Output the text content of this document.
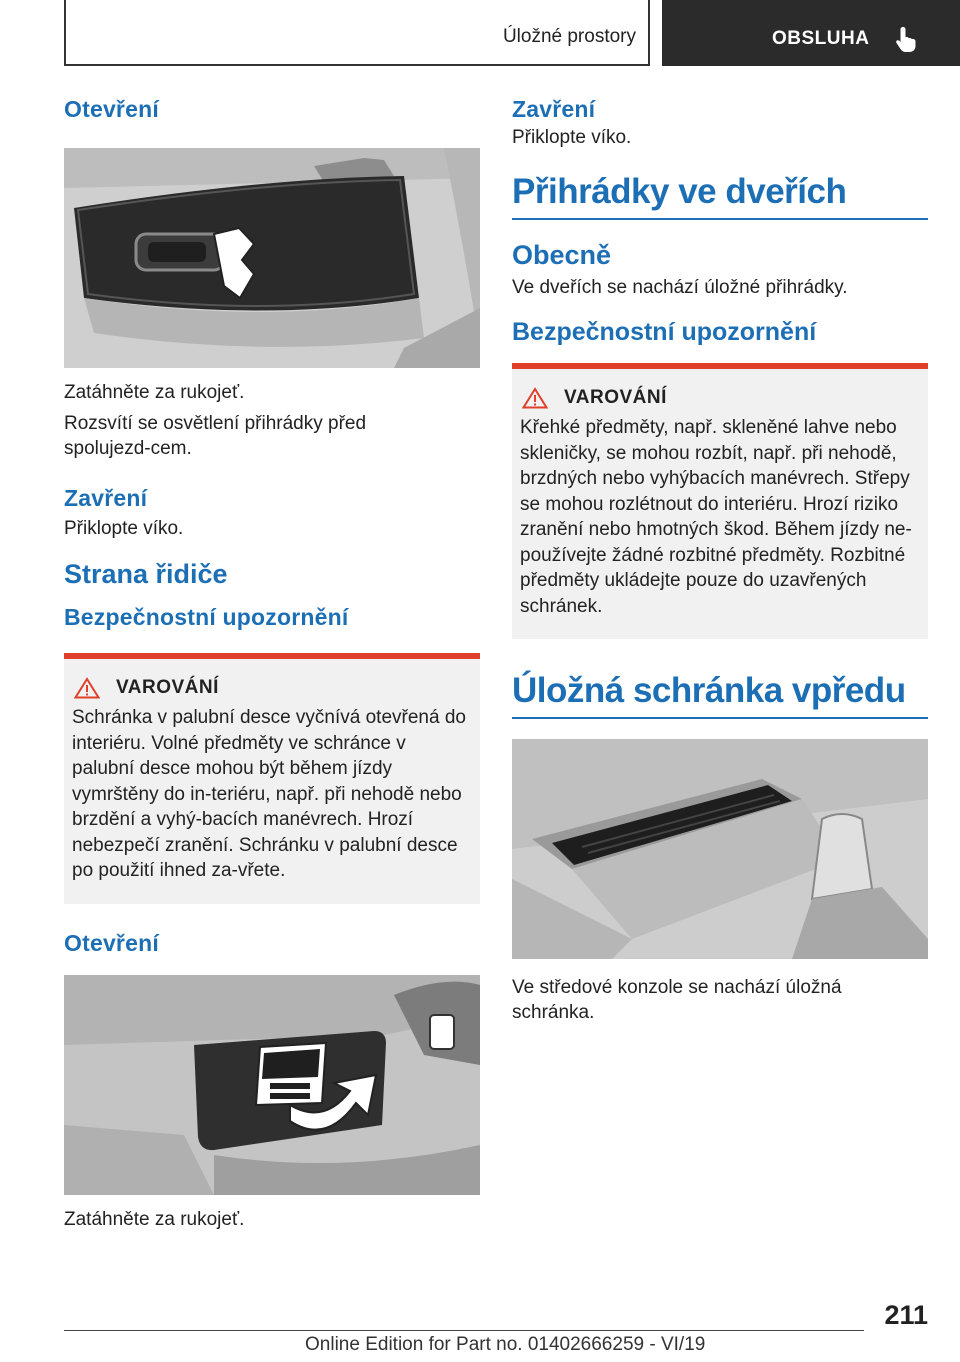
Úložné prostory	OBSLUHA
Otevření

Zatáhněte za rukojeť.

Rozsvítí se osvětlení přihrádky před spolujezd-cem.

Zavření

Přiklopte víko.

Strana řidiče
Bezpečnostní upozornění
VAROVÁNÍ

Schránka v palubní desce vyčnívá otevřená do interiéru. Volné předměty ve schránce v palubní desce mohou být během jízdy vymrštěny do in-teriéru, např. při nehodě nebo brzdění a vyhý-bacích manévrech. Hrozí nebezpečí zranění. Schránku v palubní desce po použití ihned za-vřete.

Otevření

Zatáhněte za rukojeť.

Zavření

Přiklopte víko.

Přihrádky ve dveřích
Obecně

Ve dveřích se nachází úložné přihrádky.

Bezpečnostní upozornění
VAROVÁNÍ

Křehké předměty, např. skleněné lahve nebo skleničky, se mohou rozbít, např. při nehodě, brzdných nebo vyhýbacích manévrech. Střepy se mohou rozlétnout do interiéru. Hrozí riziko zranění nebo hmotných škod. Během jízdy ne-používejte žádné rozbitné předměty. Rozbitné předměty ukládejte pouze do uzavřených schránek.

Úložná schránka vpředu

Ve středové konzole se nachází úložná schránka.

211
Online Edition for Part no. 01402666259 - VI/19
